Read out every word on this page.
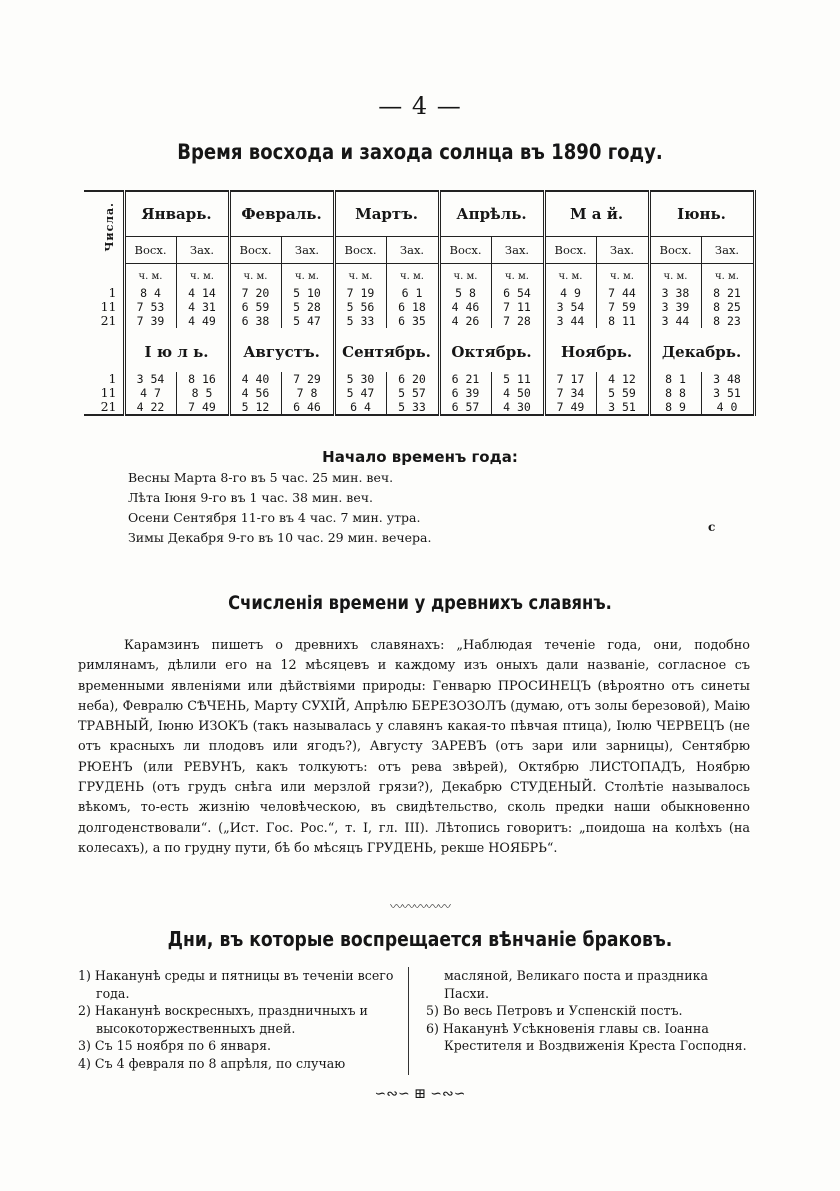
— 4 —
Время восхода и захода солнца въ 1890 году.
Числа.	Январь.		Февраль.		Мартъ.		Апрѣль.		М а й.		Іюнь.	
	Восх.	Зах.	Восх.	Зах.	Восх.	Зах.	Восх.	Зах.	Восх.	Зах.	Восх.	Зах.
	ч. м.	ч. м.	ч. м.	ч. м.	ч. м.	ч. м.	ч. м.	ч. м.	ч. м.	ч. м.	ч. м.	ч. м.
1	8 4	4 14	7 20	5 10	7 19	6 1	5 8	6 54	4 9	7 44	3 38	8 21
11	7 53	4 31	6 59	5 28	5 56	6 18	4 46	7 11	3 54	7 59	3 39	8 25
21	7 39	4 49	6 38	5 47	5 33	6 35	4 26	7 28	3 44	8 11	3 44	8 23
	І ю л ь.		Августъ.		Сентябрь.		Октябрь.		Ноябрь.		Декабрь.	
1	3 54	8 16	4 40	7 29	5 30	6 20	6 21	5 11	7 17	4 12	8 1	3 48
11	4 7	8 5	4 56	7 8	5 47	5 57	6 39	4 50	7 34	5 59	8 8	3 51
21	4 22	7 49	5 12	6 46	6 4	5 33	6 57	4 30	7 49	3 51	8 9	4 0
Начало временъ года:
Весны Марта 8-го въ 5 час. 25 мин. веч.
Лѣта Іюня 9-го въ 1 час. 38 мин. веч.
Осени Сентября 11-го въ 4 час. 7 мин. утра.
Зимы Декабря 9-го въ 10 час. 29 мин. вечера.
с
Счисленія времени у древнихъ славянъ.

Карамзинъ пишетъ о древнихъ славянахъ: „Наблюдая теченіе года, они, подобно римлянамъ, дѣлили его на 12 мѣсяцевъ и каждому изъ оныхъ дали названіе, согласное съ временными явленіями или дѣйствіями природы: Генварю ПРОСИНЕЦЪ (вѣроятно отъ синеты неба), Февралю СѢЧЕНЬ, Марту СУХІЙ, Апрѣлю БЕРЕЗОЗОЛЪ (думаю, отъ золы березовой), Маію ТРАВНЫЙ, Іюню ИЗОКЪ (такъ называлась у славянъ какая-то пѣвчая птица), Іюлю ЧЕРВЕЦЪ (не отъ красныхъ ли плодовъ или ягодъ?), Августу ЗАРЕВЪ (отъ зари или зарницы), Сентябрю РЮЕНЪ (или РЕВУНЪ, какъ толкуютъ: отъ рева звѣрей), Октябрю ЛИСТОПАДЪ, Ноябрю ГРУДЕНЬ (отъ грудъ снѣга или мерзлой грязи?), Декабрю СТУДЕНЫЙ. Столѣтіе называлось вѣкомъ, то-есть жизнію человѣческою, въ свидѣтельство, сколь предки наши обыкновенно долгоденствовали“. („Ист. Гос. Рос.“, т. I, гл. III). Лѣтопись говоритъ: „поидоша на колѣхъ (на колесахъ), а по груднy пути, бѣ бо мѣсяцъ ГРУДЕНЬ, рекше НОЯБРЬ“.

〰〰〰〰〰
Дни, въ которые воспрещается вѣнчаніе браковъ.
1) Наканунѣ среды и пятницы въ теченіи всего года.
2) Наканунѣ воскресныхъ, праздничныхъ и высокоторжественныхъ дней.
3) Съ 15 ноября по 6 января.
4) Съ 4 февраля по 8 апрѣля, по случаю
масляной, Великаго поста и праздника Пасхи.
5) Во весь Петровъ и Успенскій постъ.
6) Наканунѣ Усѣкновенія главы св. Іоанна Крестителя и Воздвиженія Креста Господня.
∽∾∽ ⊞ ∽∾∽
